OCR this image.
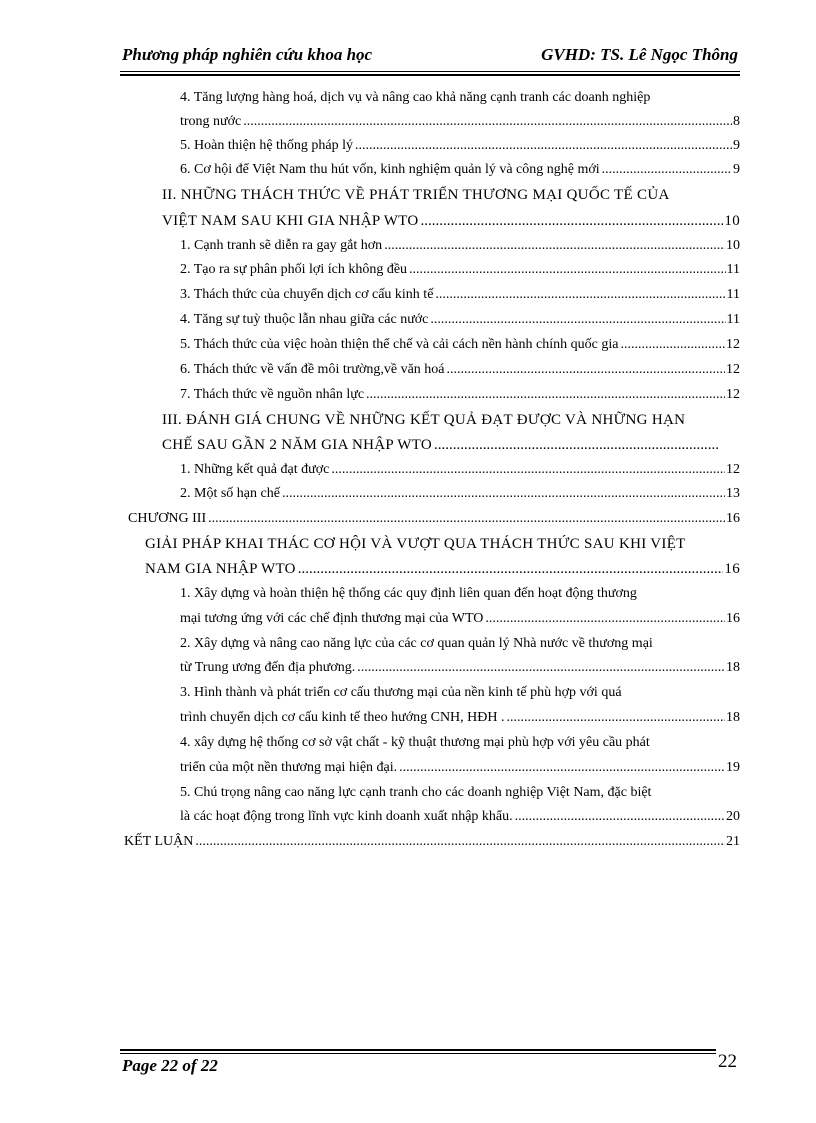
Phương pháp nghiên cứu khoa học	GVHD: TS. Lê Ngọc Thông
4. Tăng lượng hàng hoá, dịch vụ và nâng cao khả năng cạnh tranh các doanh nghiệp
trong nước .....	8
5. Hoàn thiện hệ thống pháp lý .....	9
6. Cơ hội để Việt Nam thu hút vốn, kinh nghiệm quản lý và công nghệ mới .....	9
II. NHỮNG THÁCH THỨC VỀ PHÁT TRIỂN THƯƠNG MẠI QUỐC TẾ CỦA
VIỆT NAM SAU KHI GIA NHẬP WTO .....	10
1. Cạnh tranh sẽ diễn ra gay gắt hơn .....	10
2. Tạo ra sự phân phối lợi ích không đều .....	11
3. Thách thức của chuyển dịch cơ cấu kinh tế .....	11
4. Tăng sự tuỳ thuộc lẫn nhau giữa các nước .....	11
5. Thách thức của việc hoàn thiện thể chế và cải cách nền hành chính quốc gia .....	12
6. Thách thức về vấn đề môi trường,về văn hoá .....	12
7. Thách thức về nguồn nhân lực .....	12
III. ĐÁNH GIÁ CHUNG VỀ NHỮNG KẾT QUẢ ĐẠT ĐƯỢC VÀ NHỮNG HẠN
CHẾ SAU GẦN 2 NĂM GIA NHẬP WTO
.....
1. Những kết quả đạt được .....	12
2. Một số hạn chế .....	13
CHƯƠNG III .....	16
GIẢI PHÁP KHAI THÁC CƠ HỘI VÀ VƯỢT QUA THÁCH THỨC SAU KHI VIỆT
NAM GIA NHẬP WTO .....	16
1. Xây dựng và hoàn thiện hệ thống các quy định liên quan đến hoạt động thương
mại tương ứng với các chế định thương mại của WTO .....	16
2. Xây dựng và nâng cao năng lực của các cơ quan quản lý Nhà nước về thương mại
từ Trung ương đến địa phương. .....	18
3. Hình thành và phát triển cơ cấu thương mại của nền kinh tế phù hợp với quá
trình chuyển dịch cơ cấu kinh tế theo hướng CNH, HĐH . .....	18
4. xây dựng hệ thống cơ sở vật chất - kỹ thuật thương mại phù hợp với yêu cầu phát
triển của một nền thương mại hiện đại. .....	19
5. Chú trọng nâng cao năng lực cạnh tranh cho các doanh nghiệp Việt Nam, đặc biệt
là các hoạt động trong lĩnh vực kinh doanh xuất nhập khẩu. .....	20
KẾT LUẬN .....	21
Page 22 of 22	22
